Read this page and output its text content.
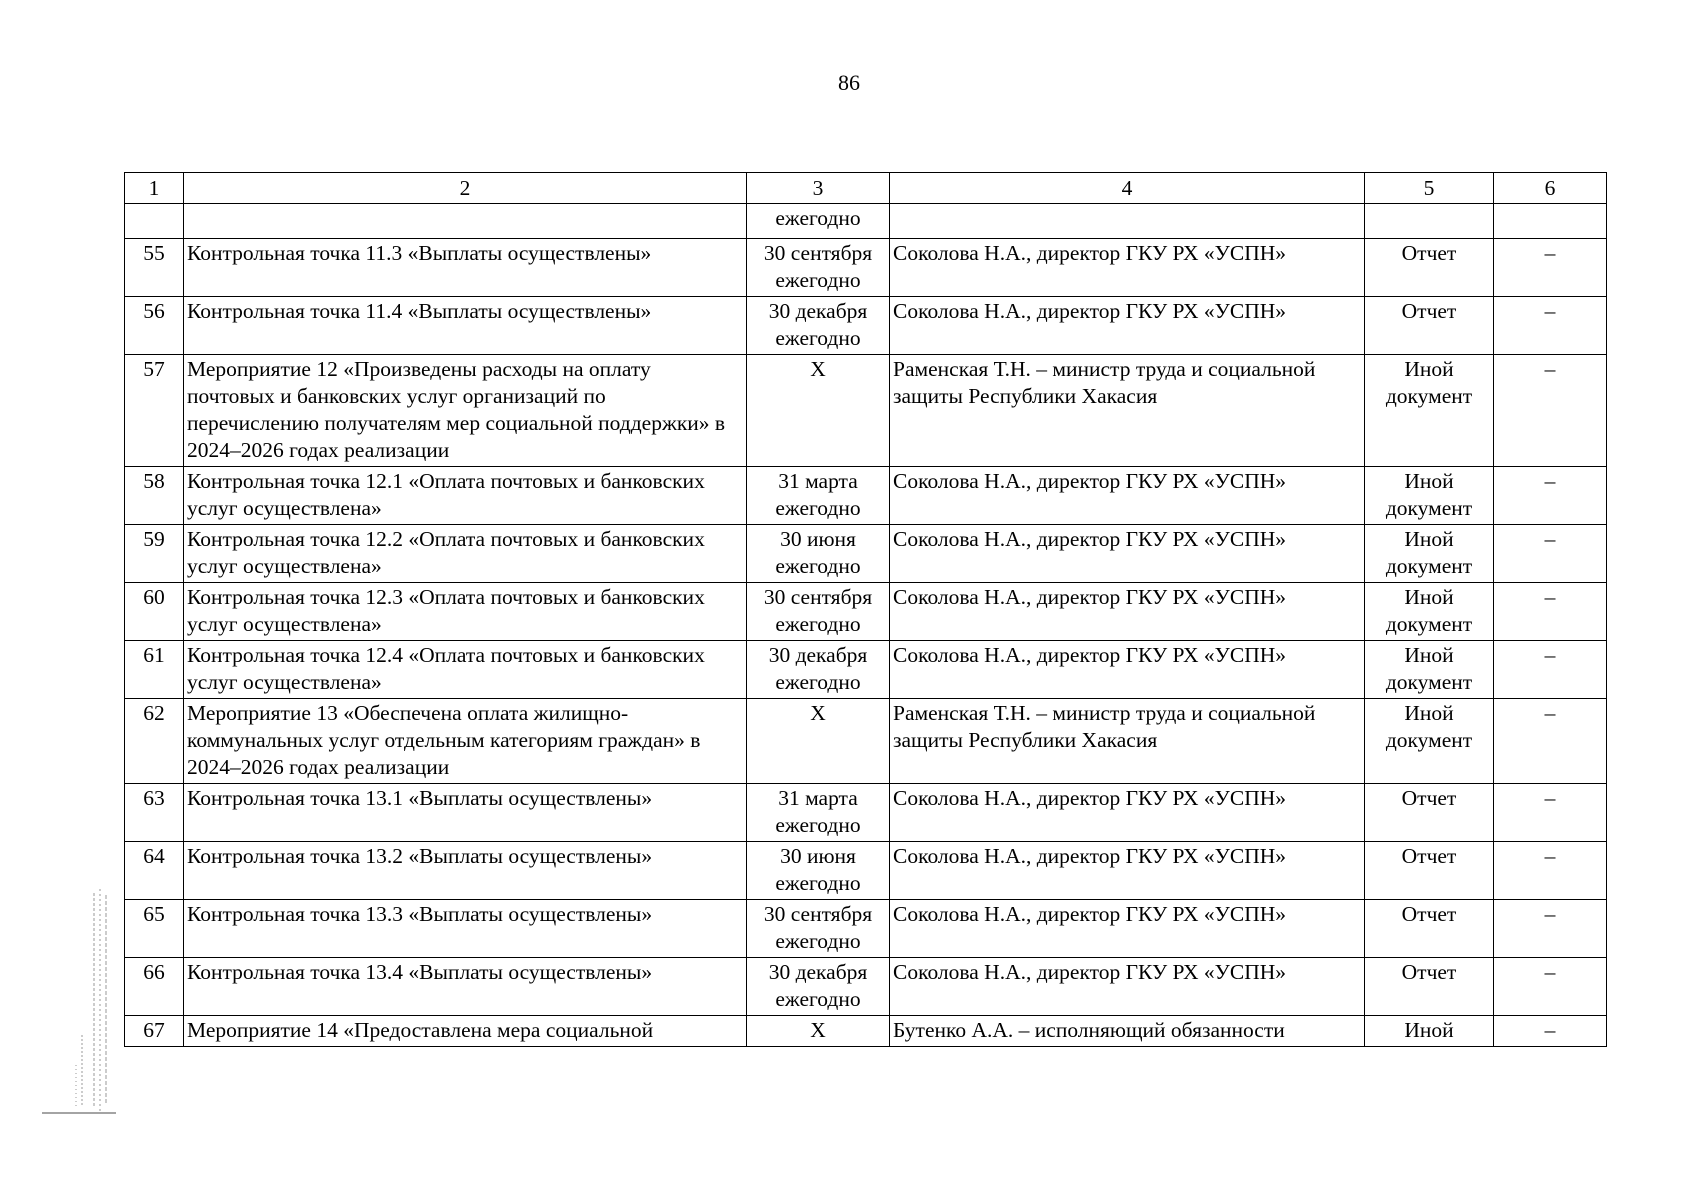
86
1	2	3	4	5	6
		ежегодно			
55	Контрольная точка 11.3 «Выплаты осуществлены»	30 сентября ежегодно	Соколова Н.А., директор ГКУ РХ «УСПН»	Отчет	–
56	Контрольная точка 11.4 «Выплаты осуществлены»	30 декабря ежегодно	Соколова Н.А., директор ГКУ РХ «УСПН»	Отчет	–
57	Мероприятие 12 «Произведены расходы на оплату почтовых и банковских услуг организаций по перечислению получателям мер социальной поддержки» в 2024–2026 годах реализации	Х	Раменская Т.Н. – министр труда и социальной защиты Республики Хакасия	Иной документ	–
58	Контрольная точка 12.1 «Оплата почтовых и банковских услуг осуществлена»	31 марта ежегодно	Соколова Н.А., директор ГКУ РХ «УСПН»	Иной документ	–
59	Контрольная точка 12.2 «Оплата почтовых и банковских услуг осуществлена»	30 июня ежегодно	Соколова Н.А., директор ГКУ РХ «УСПН»	Иной документ	–
60	Контрольная точка 12.3 «Оплата почтовых и банковских услуг осуществлена»	30 сентября ежегодно	Соколова Н.А., директор ГКУ РХ «УСПН»	Иной документ	–
61	Контрольная точка 12.4 «Оплата почтовых и банковских услуг осуществлена»	30 декабря ежегодно	Соколова Н.А., директор ГКУ РХ «УСПН»	Иной документ	–
62	Мероприятие 13 «Обеспечена оплата жилищно-коммунальных услуг отдельным категориям граждан» в 2024–2026 годах реализации	Х	Раменская Т.Н. – министр труда и социальной защиты Республики Хакасия	Иной документ	–
63	Контрольная точка 13.1 «Выплаты осуществлены»	31 марта ежегодно	Соколова Н.А., директор ГКУ РХ «УСПН»	Отчет	–
64	Контрольная точка 13.2 «Выплаты осуществлены»	30 июня ежегодно	Соколова Н.А., директор ГКУ РХ «УСПН»	Отчет	–
65	Контрольная точка 13.3 «Выплаты осуществлены»	30 сентября ежегодно	Соколова Н.А., директор ГКУ РХ «УСПН»	Отчет	–
66	Контрольная точка 13.4 «Выплаты осуществлены»	30 декабря ежегодно	Соколова Н.А., директор ГКУ РХ «УСПН»	Отчет	–
67	Мероприятие 14 «Предоставлена мера социальной	Х	Бутенко А.А. – исполняющий обязанности	Иной	–
